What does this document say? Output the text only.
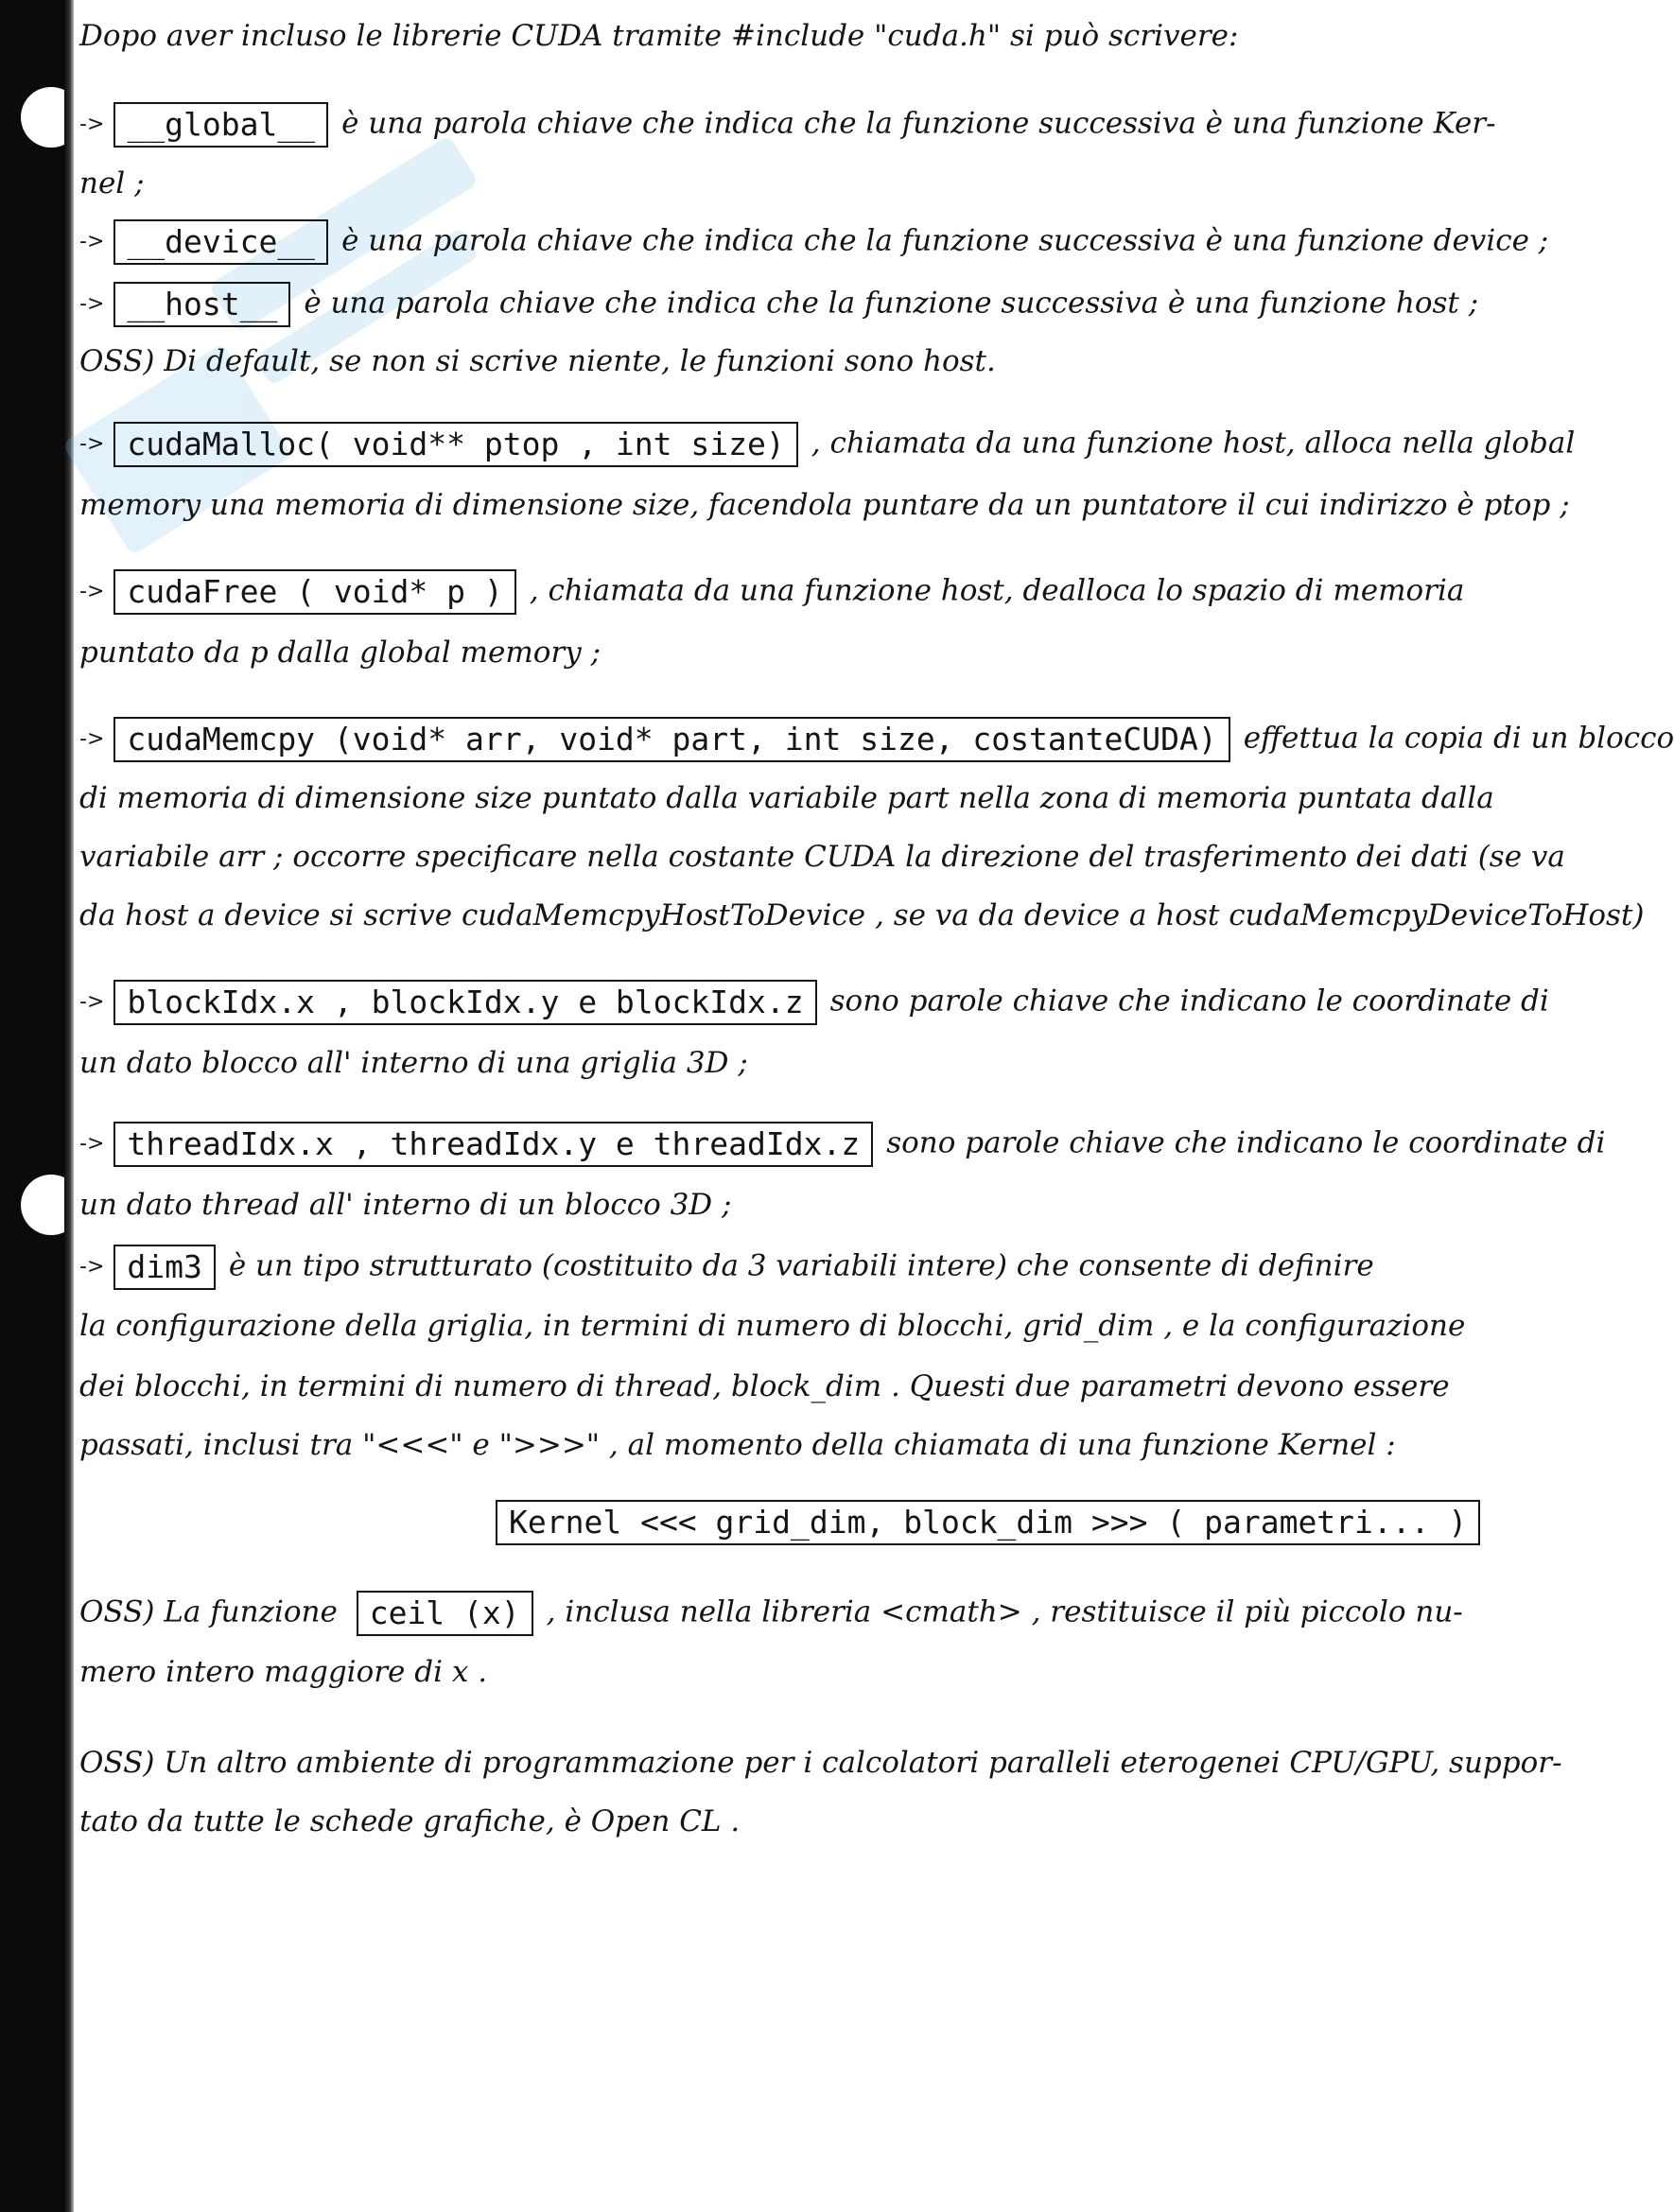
Dopo aver incluso le librerie CUDA tramite #include "cuda.h" si può scrivere:
-> __global__ è una parola chiave che indica che la funzione successiva è una funzione Ker-
nel ;
-> __device__ è una parola chiave che indica che la funzione successiva è una funzione device ;
-> __host__ è una parola chiave che indica che la funzione successiva è una funzione host ;
OSS) Di default, se non si scrive niente, le funzioni sono host.
-> cudaMalloc( void** ptop , int size) , chiamata da una funzione host, alloca nella global
memory una memoria di dimensione size, facendola puntare da un puntatore il cui indirizzo è ptop ;
-> cudaFree ( void* p ) , chiamata da una funzione host, dealloca lo spazio di memoria
puntato da p dalla global memory ;
-> cudaMemcpy (void* arr, void* part, int size, costanteCUDA) effettua la copia di un blocco
di memoria di dimensione size puntato dalla variabile part nella zona di memoria puntata dalla
variabile arr ; occorre specificare nella costante CUDA la direzione del trasferimento dei dati (se va
da host a device si scrive cudaMemcpyHostToDevice , se va da device a host cudaMemcpyDeviceToHost)
-> blockIdx.x , blockIdx.y e blockIdx.z sono parole chiave che indicano le coordinate di
un dato blocco all' interno di una griglia 3D ;
-> threadIdx.x , threadIdx.y e threadIdx.z sono parole chiave che indicano le coordinate di
un dato thread all' interno di un blocco 3D ;
-> dim3 è un tipo strutturato (costituito da 3 variabili intere) che consente di definire
la configurazione della griglia, in termini di numero di blocchi, grid_dim , e la configurazione
dei blocchi, in termini di numero di thread, block_dim . Questi due parametri devono essere
passati, inclusi tra "<<<" e ">>>" , al momento della chiamata di una funzione Kernel :
Kernel <<< grid_dim, block_dim >>> ( parametri... )
OSS) La funzione ceil (x) , inclusa nella libreria <cmath> , restituisce il più piccolo nu-
mero intero maggiore di x .
OSS) Un altro ambiente di programmazione per i calcolatori paralleli eterogenei CPU/GPU, suppor-
tato da tutte le schede grafiche, è Open CL .
